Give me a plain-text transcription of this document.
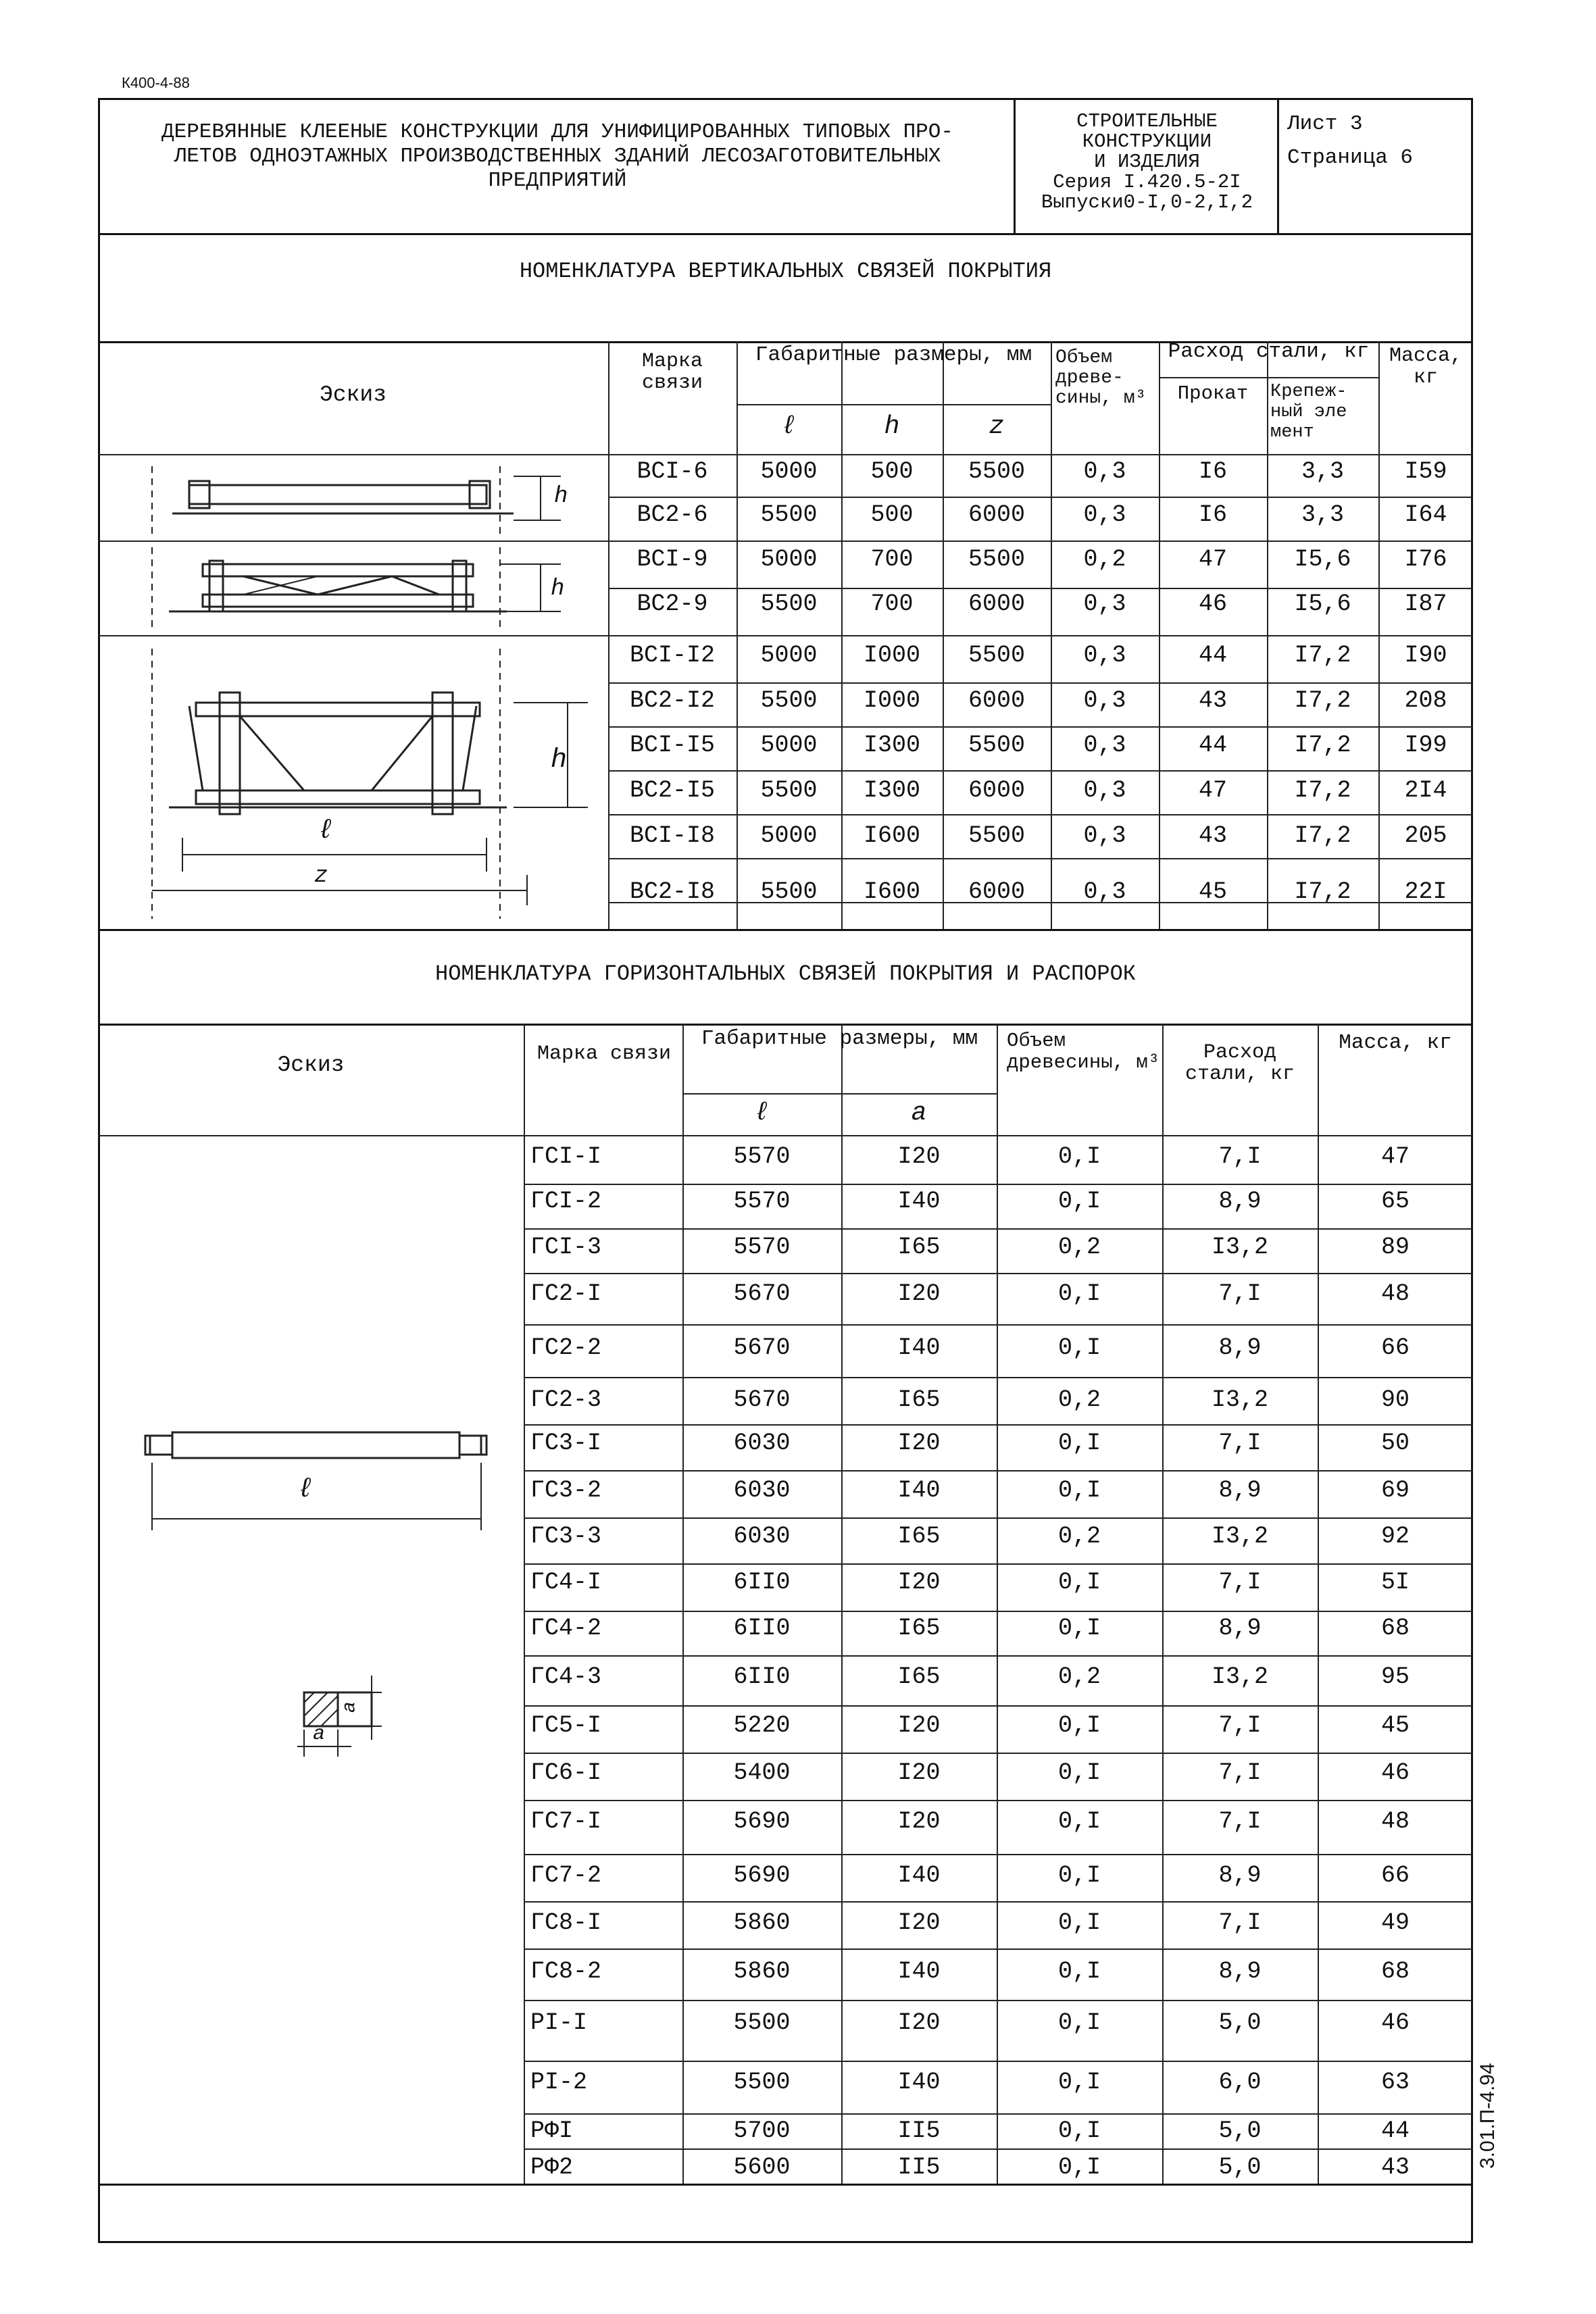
К400-4-88
ДЕРЕВЯННЫЕ КЛЕЕНЫЕ КОНСТРУКЦИИ ДЛЯ УНИФИЦИРОВАННЫХ ТИПОВЫХ ПРО-
ЛЕТОВ ОДНОЭТАЖНЫХ ПРОИЗВОДСТВЕННЫХ ЗДАНИЙ ЛЕСОЗАГОТОВИТЕЛЬНЫХ
ПРЕДПРИЯТИЙ
СТРОИТЕЛЬНЫЕ
КОНСТРУКЦИИ
И ИЗДЕЛИЯ
Серия I.420.5-2I
Выпуски0-I,0-2,I,2
Лист 3
Страница 6
НОМЕНКЛАТУРА ВЕРТИКАЛЬНЫХ СВЯЗЕЙ ПОКРЫТИЯ
Эскиз
Марка связи
Габаритные размеры, мм
ℓ	h	z
Объем древе- сины, м³
Расход стали, кг
Прокат	Крепеж- ный эле мент
Масса, кг
ВСI-6	5000	500	5500	0,3	I6	3,3	I59
ВС2-6	5500	500	6000	0,3	I6	3,3	I64
ВСI-9	5000	700	5500	0,2	47	I5,6	I76
ВС2-9	5500	700	6000	0,3	46	I5,6	I87
ВСI-I2	5000	I000	5500	0,3	44	I7,2	I90
ВС2-I2	5500	I000	6000	0,3	43	I7,2	208
ВСI-I5	5000	I300	5500	0,3	44	I7,2	I99
ВС2-I5	5500	I300	6000	0,3	47	I7,2	2I4
ВСI-I8	5000	I600	5500	0,3	43	I7,2	205
ВС2-I8	5500	I600	6000	0,3	45	I7,2	22I
h
h
h
ℓ
z
НОМЕНКЛАТУРА ГОРИЗОНТАЛЬНЫХ СВЯЗЕЙ ПОКРЫТИЯ И РАСПОРОК
Эскиз	Марка связи
Габаритные размеры, мм
ℓ	a
Объем древесины, м³	Расход стали, кг
Масса, кг
ГСI-I	5570	I20	0,I	7,I	47
ГСI-2	5570	I40	0,I	8,9	65
ГСI-3	5570	I65	0,2	I3,2	89
ГС2-I	5670	I20	0,I	7,I	48
ГС2-2	5670	I40	0,I	8,9	66
ГС2-3	5670	I65	0,2	I3,2	90
ГС3-I	6030	I20	0,I	7,I	50
ГС3-2	6030	I40	0,I	8,9	69
ГС3-3	6030	I65	0,2	I3,2	92
ГС4-I	6II0	I20	0,I	7,I	5I
ГС4-2	6II0	I65	0,I	8,9	68
ГС4-3	6II0	I65	0,2	I3,2	95
ГС5-I	5220	I20	0,I	7,I	45
ГС6-I	5400	I20	0,I	7,I	46
ГС7-I	5690	I20	0,I	7,I	48
ГС7-2	5690	I40	0,I	8,9	66
ГС8-I	5860	I20	0,I	7,I	49
ГС8-2	5860	I40	0,I	8,9	68
РI-I	5500	I20	0,I	5,0	46
РI-2	5500	I40	0,I	6,0	63
РФI	5700	II5	0,I	5,0	44
РФ2	5600	II5	0,I	5,0	43
ℓ
a
a
3.01.П-4.94
